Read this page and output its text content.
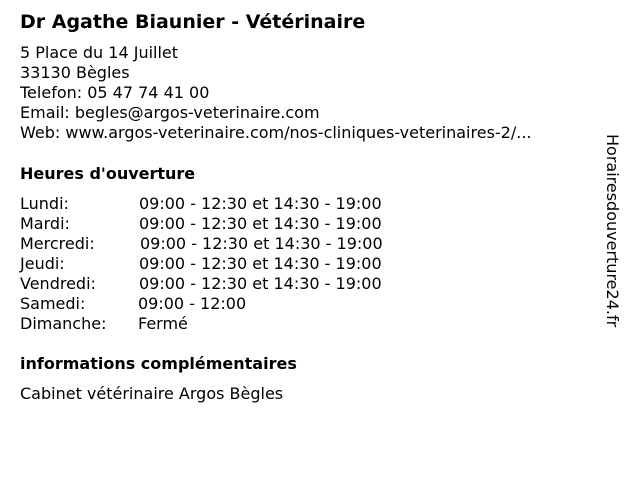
Dr Agathe Biaunier - Vétérinaire
5 Place du 14 Juillet
33130 Bègles
Telefon: 05 47 74 41 00
Email: begles@argos-veterinaire.com
Web: www.argos-veterinaire.com/nos-cliniques-veterinaires-2/...
Heures d'ouverture
Lundi:	09:00 - 12:30 et 14:30 - 19:00
Mardi:	09:00 - 12:30 et 14:30 - 19:00
Mercredi:	09:00 - 12:30 et 14:30 - 19:00
Jeudi:	09:00 - 12:30 et 14:30 - 19:00
Vendredi:	09:00 - 12:30 et 14:30 - 19:00
Samedi:	09:00 - 12:00
Dimanche: Fermé
informations complémentaires
Cabinet vétérinaire Argos Bègles
Horairesdouverture24.fr
